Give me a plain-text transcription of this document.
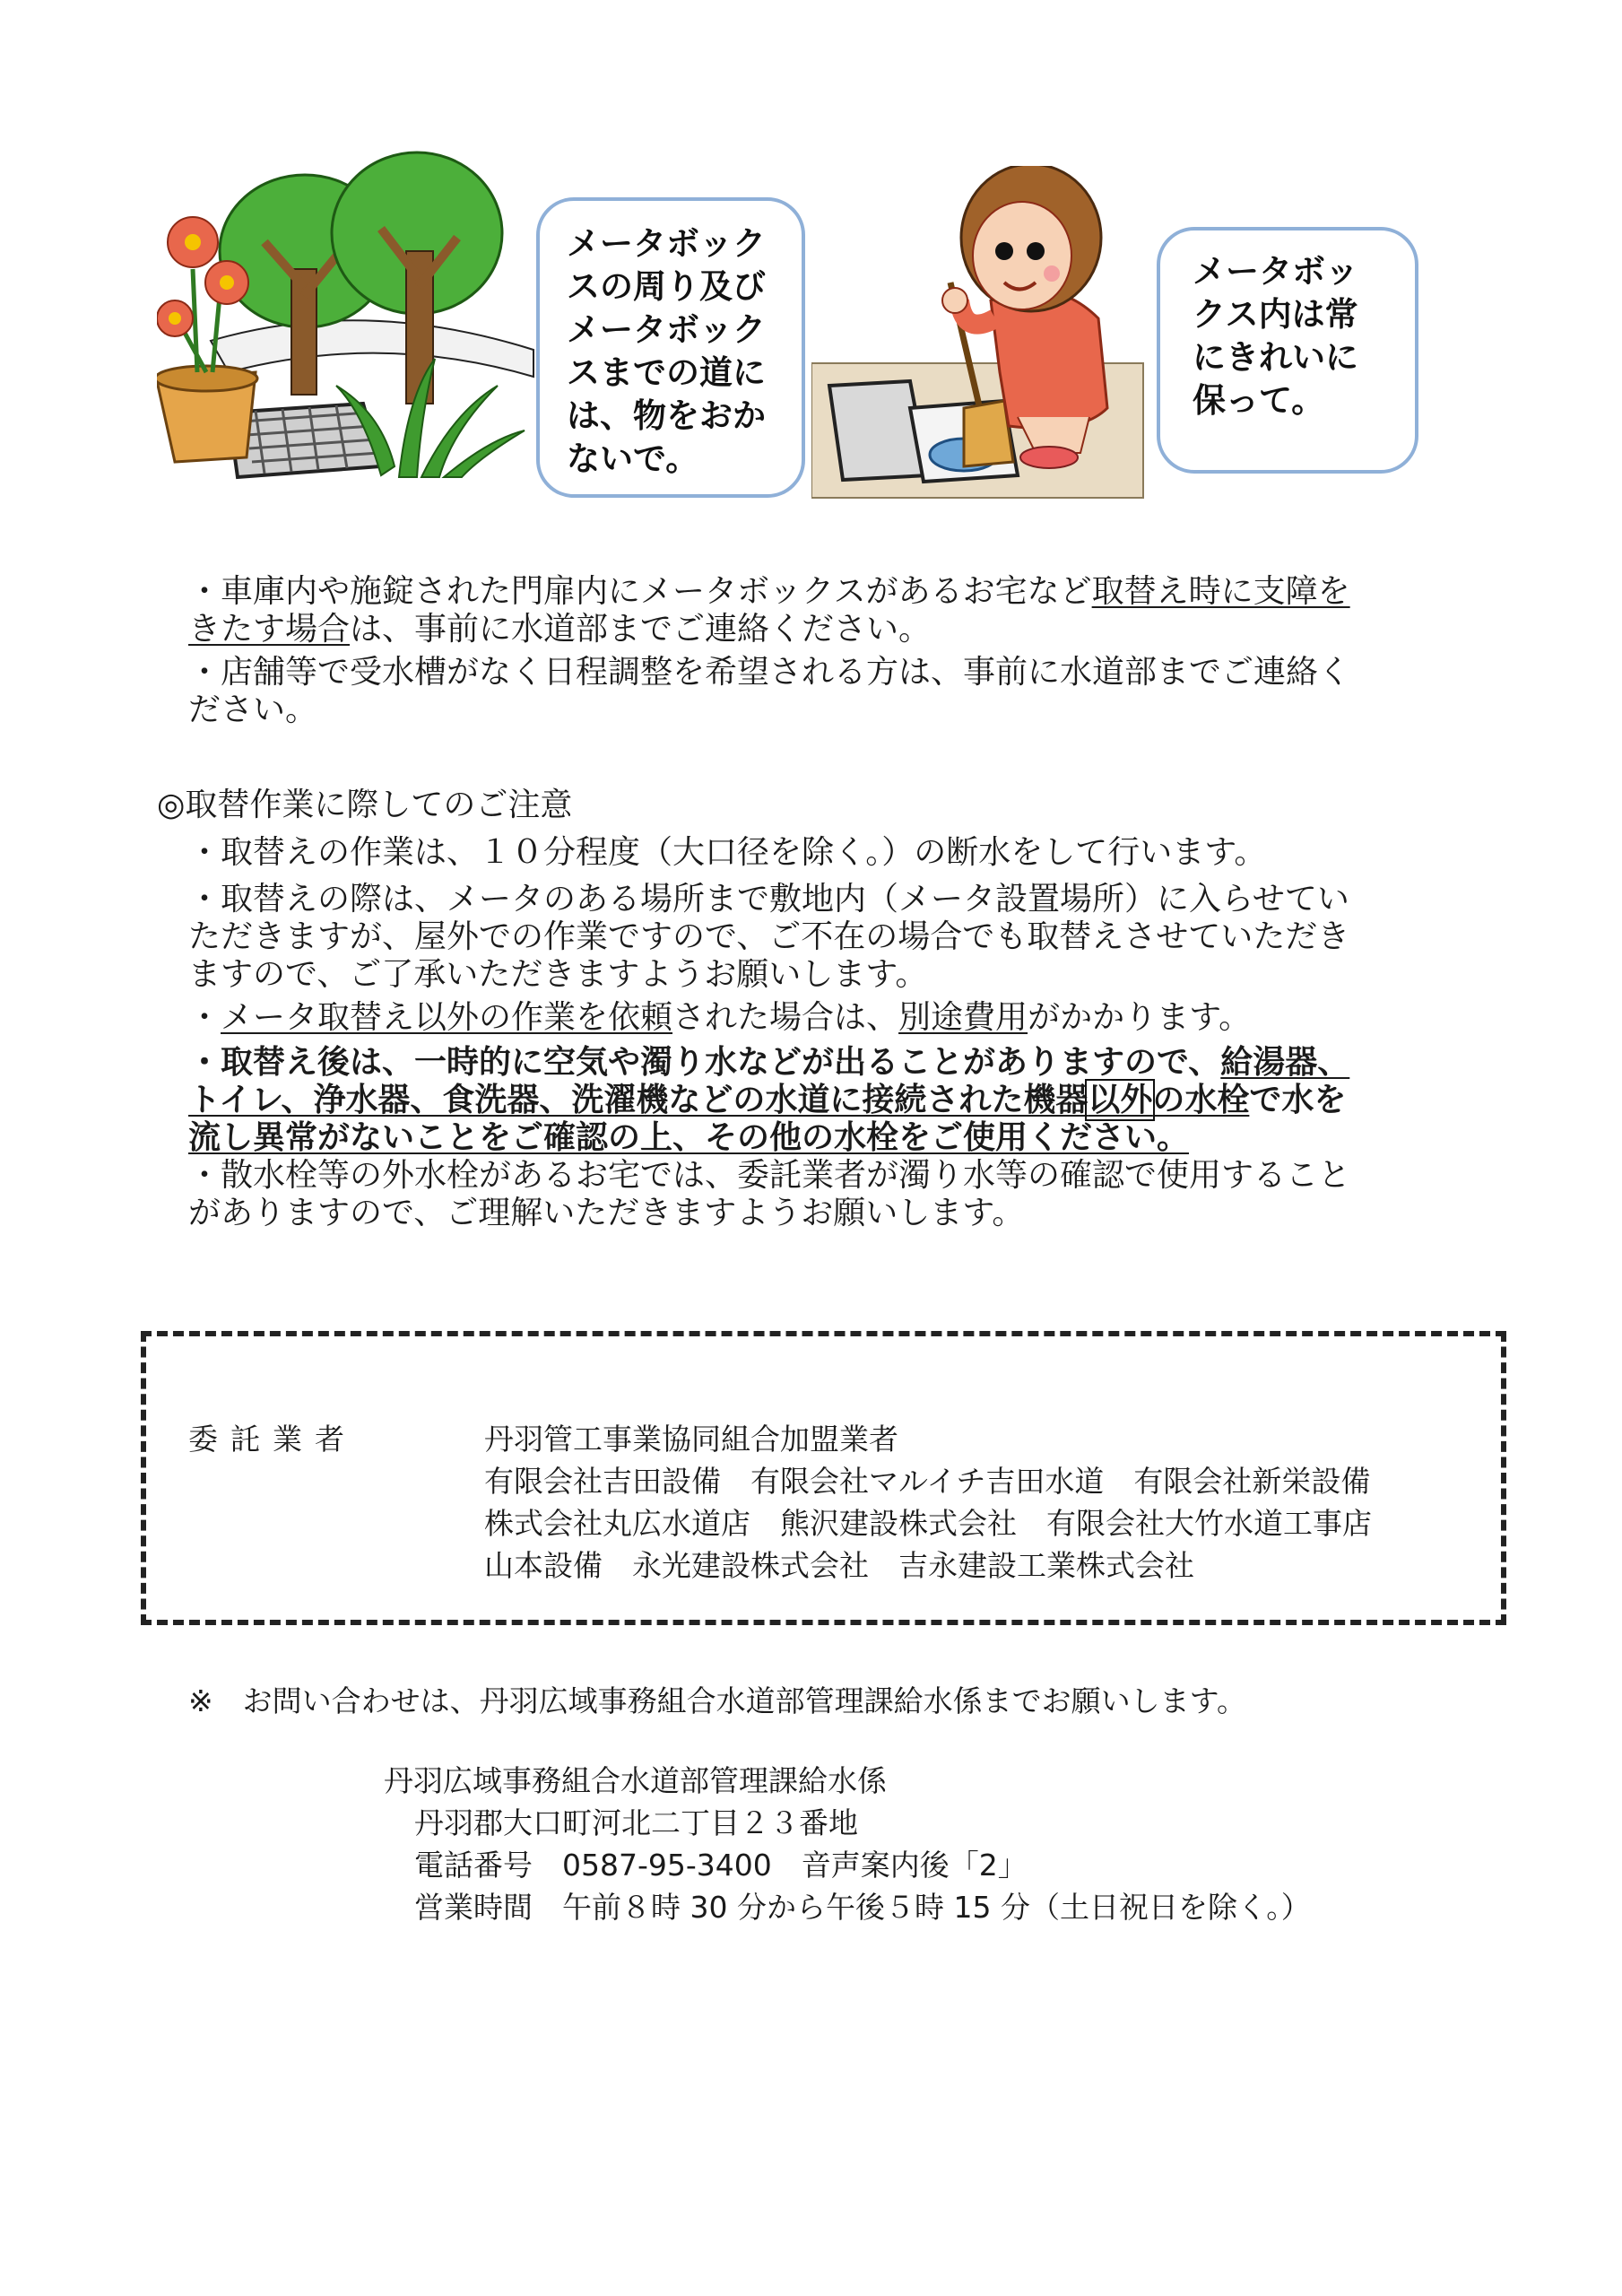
メータボック
スの周り及び
メータボック
スまでの道に
は、物をおか
ないで。
メータボッ
クス内は常
にきれいに
保って。
・車庫内や施錠された門扉内にメータボックスがあるお宅など取替え時に支障を
きたす場合は、事前に水道部までご連絡ください。
・店舗等で受水槽がなく日程調整を希望される方は、事前に水道部までご連絡く
ださい。
◎取替作業に際してのご注意
・取替えの作業は、１０分程度（大口径を除く。）の断水をして行います。
・取替えの際は、メータのある場所まで敷地内（メータ設置場所）に入らせてい
ただきますが、屋外での作業ですので、ご不在の場合でも取替えさせていただき
ますので、ご了承いただきますようお願いします。
・メータ取替え以外の作業を依頼された場合は、別途費用がかかります。
・取替え後は、一時的に空気や濁り水などが出ることがありますので、給湯器、
トイレ、浄水器、食洗器、洗濯機などの水道に接続された機器以外の水栓で水を
流し異常がないことをご確認の上、その他の水栓をご使用ください。
・散水栓等の外水栓があるお宅では、委託業者が濁り水等の確認で使用すること
がありますので、ご理解いただきますようお願いします。
委託業者	丹羽管工事業協同組合加盟業者
有限会社吉田設備　有限会社マルイチ吉田水道　有限会社新栄設備
株式会社丸広水道店　熊沢建設株式会社　有限会社大竹水道工事店
山本設備　永光建設株式会社　吉永建設工業株式会社
※　お問い合わせは、丹羽広域事務組合水道部管理課給水係までお願いします。
丹羽広域事務組合水道部管理課給水係
丹羽郡大口町河北二丁目２３番地
電話番号　0587-95-3400　音声案内後「2」
営業時間　午前８時 30 分から午後５時 15 分（土日祝日を除く。）
